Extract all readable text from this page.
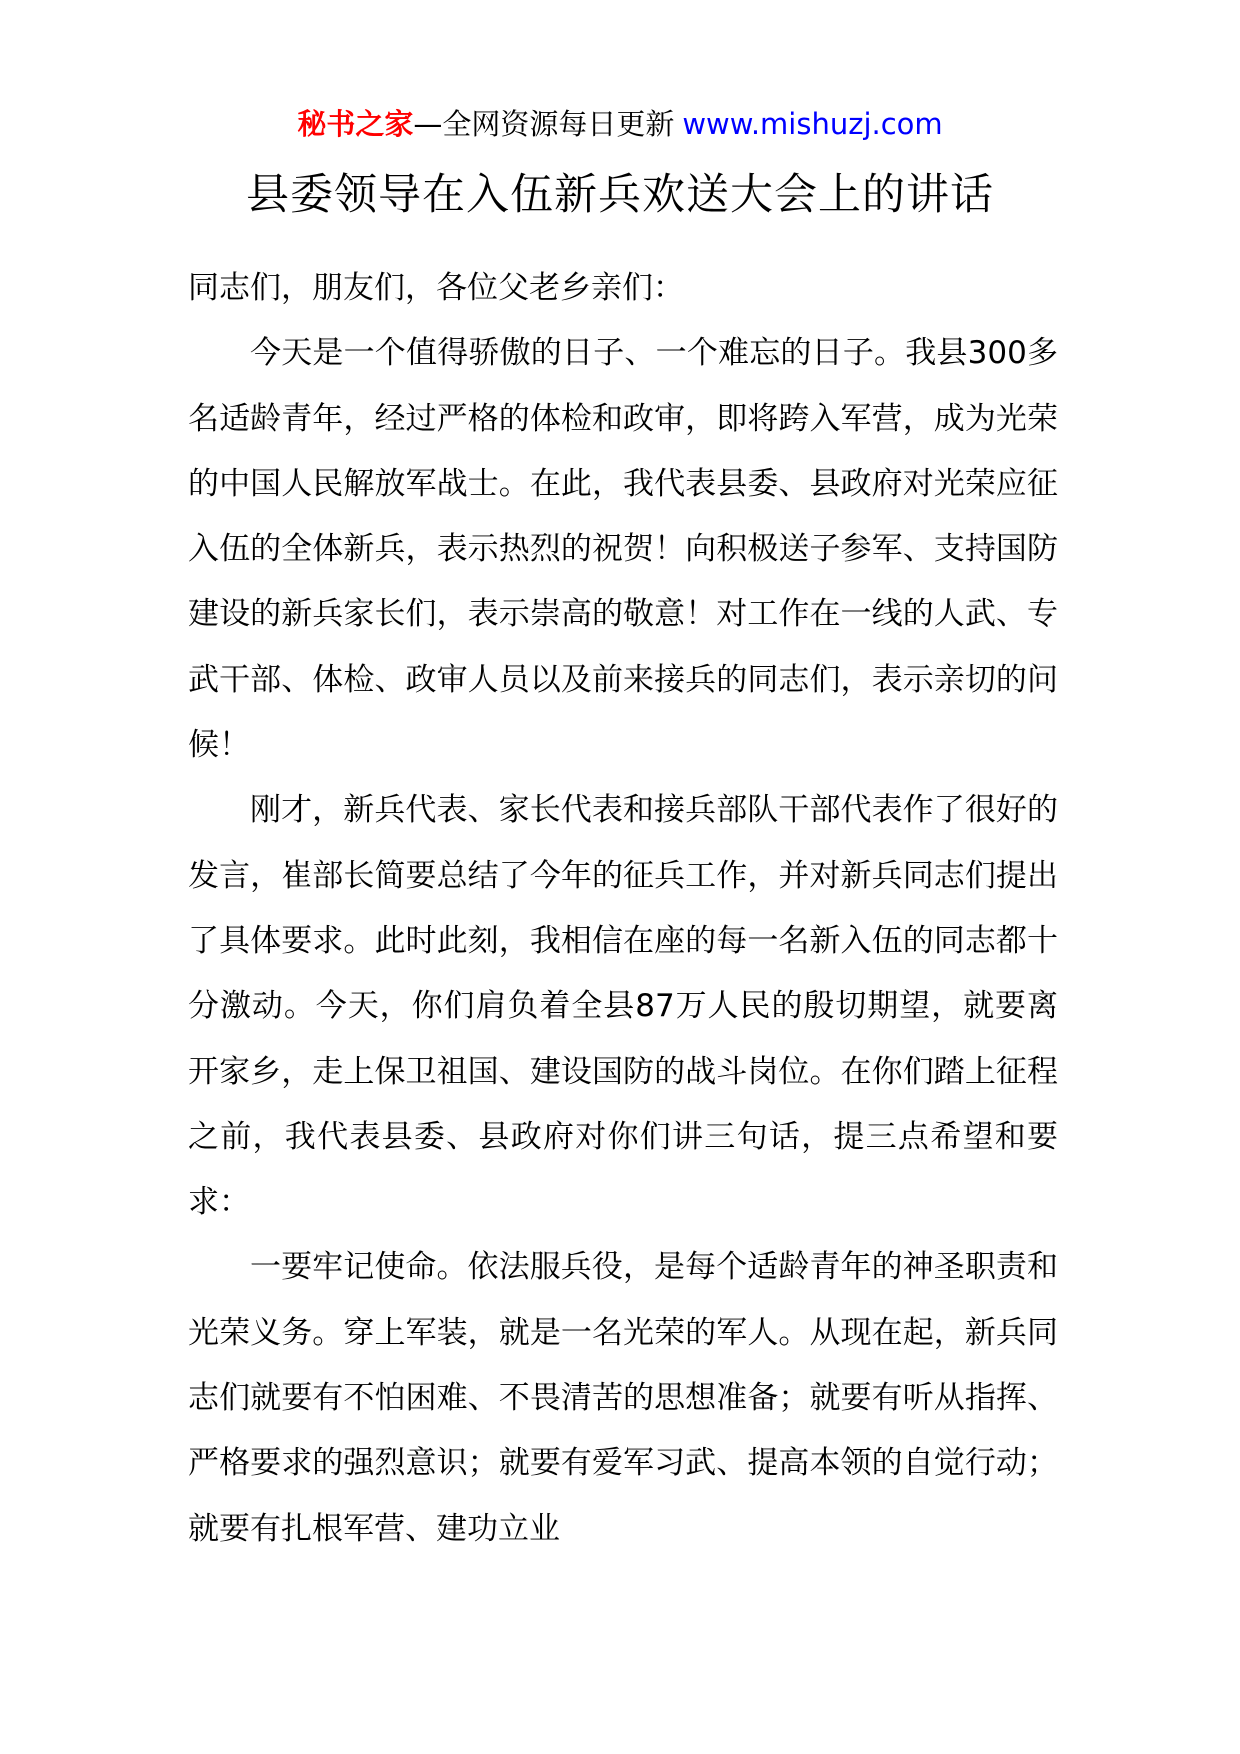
秘书之家—全网资源每日更新 www.mishuzj.com
县委领导在入伍新兵欢送大会上的讲话

同志们，朋友们，各位父老乡亲们：

今天是一个值得骄傲的日子、一个难忘的日子。我县300多名适龄青年，经过严格的体检和政审，即将跨入军营，成为光荣的中国人民解放军战士。在此，我代表县委、县政府对光荣应征入伍的全体新兵，表示热烈的祝贺！向积极送子参军、支持国防建设的新兵家长们，表示崇高的敬意！对工作在一线的人武、专武干部、体检、政审人员以及前来接兵的同志们，表示亲切的问候！

刚才，新兵代表、家长代表和接兵部队干部代表作了很好的发言，崔部长简要总结了今年的征兵工作，并对新兵同志们提出了具体要求。此时此刻，我相信在座的每一名新入伍的同志都十分激动。今天，你们肩负着全县87万人民的殷切期望，就要离开家乡，走上保卫祖国、建设国防的战斗岗位。在你们踏上征程之前，我代表县委、县政府对你们讲三句话，提三点希望和要求：

一要牢记使命。依法服兵役，是每个适龄青年的神圣职责和光荣义务。穿上军装，就是一名光荣的军人。从现在起，新兵同志们就要有不怕困难、不畏清苦的思想准备；就要有听从指挥、严格要求的强烈意识；就要有爱军习武、提高本领的自觉行动；就要有扎根军营、建功立业
